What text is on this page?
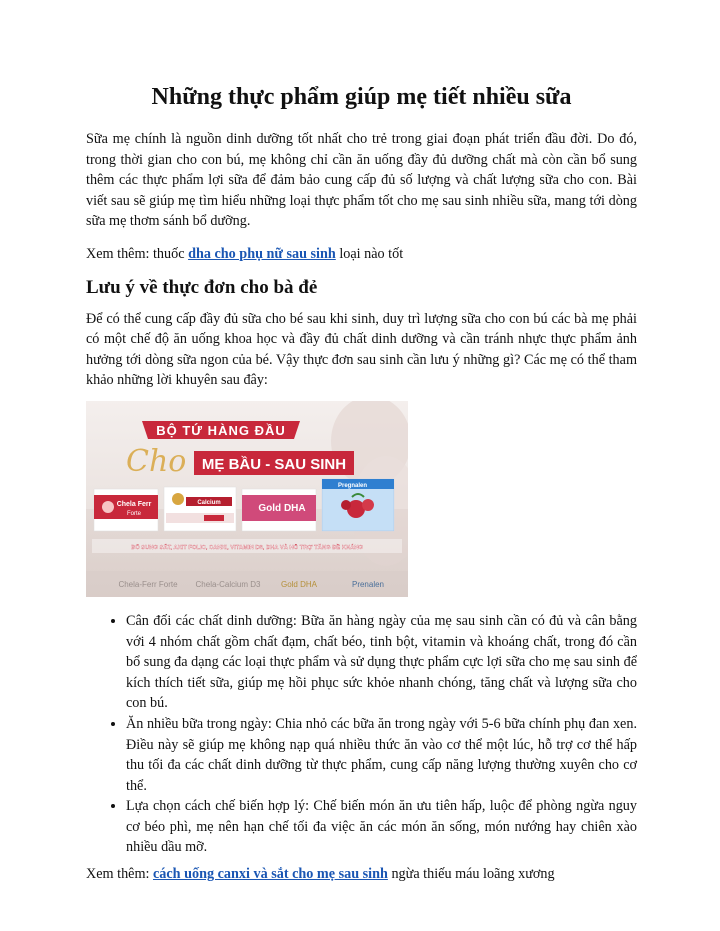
Những thực phẩm giúp mẹ tiết nhiều sữa

Sữa mẹ chính là nguồn dinh dưỡng tốt nhất cho trẻ trong giai đoạn phát triển đầu đời. Do đó, trong thời gian cho con bú, mẹ không chỉ cần ăn uống đầy đủ dưỡng chất mà còn cần bổ sung thêm các thực phẩm lợi sữa để đảm bảo cung cấp đủ số lượng và chất lượng sữa cho con. Bài viết sau sẽ giúp mẹ tìm hiểu những loại thực phẩm tốt cho mẹ sau sinh nhiều sữa, mang tới dòng sữa mẹ thơm sánh bổ dưỡng.

Xem thêm: thuốc dha cho phụ nữ sau sinh loại nào tốt

Lưu ý về thực đơn cho bà đẻ

Để có thể cung cấp đầy đủ sữa cho bé sau khi sinh, duy trì lượng sữa cho con bú các bà mẹ phải có một chế độ ăn uống khoa học và đầy đủ chất dinh dưỡng và cần tránh nhực thực phẩm ảnh hưởng tới dòng sữa ngon của bé. Vậy thực đơn sau sinh cần lưu ý những gì? Các mẹ có thể tham khảo những lời khuyên sau đây:

BỘ TỨ HÀNG ĐẦU
Cho MẸ BẦU - SAU SINH
Chela Ferr
Forte
Calcium	Gold DHA
Pregnalen
BỔ SUNG SẮT, AXIT FOLIC, CANXI, VITAMIN D3, DHA VÀ HỖ TRỢ TĂNG ĐỀ KHÁNG
Chela-Ferr Forte Chela-Calcium D3	Gold DHA	Prenalen
• Cân đối các chất dinh dưỡng: Bữa ăn hàng ngày của mẹ sau sinh cần có đủ và cân bằng với 4 nhóm chất gồm chất đạm, chất béo, tinh bột, vitamin và khoáng chất, trong đó cần bổ sung đa dạng các loại thực phẩm và sử dụng thực phẩm cực lợi sữa cho mẹ sau sinh để kích thích tiết sữa, giúp mẹ hồi phục sức khỏe nhanh chóng, tăng chất và lượng sữa cho con bú.
• Ăn nhiều bữa trong ngày: Chia nhỏ các bữa ăn trong ngày với 5-6 bữa chính phụ đan xen. Điều này sẽ giúp mẹ không nạp quá nhiều thức ăn vào cơ thể một lúc, hỗ trợ cơ thể hấp thu tối đa các chất dinh dưỡng từ thực phẩm, cung cấp năng lượng thường xuyên cho cơ thể.
• Lựa chọn cách chế biến hợp lý: Chế biến món ăn ưu tiên hấp, luộc để phòng ngừa nguy cơ béo phì, mẹ nên hạn chế tối đa việc ăn các món ăn sống, món nướng hay chiên xào nhiều dầu mỡ.

Xem thêm: cách uống canxi và sắt cho mẹ sau sinh ngừa thiếu máu loãng xương
